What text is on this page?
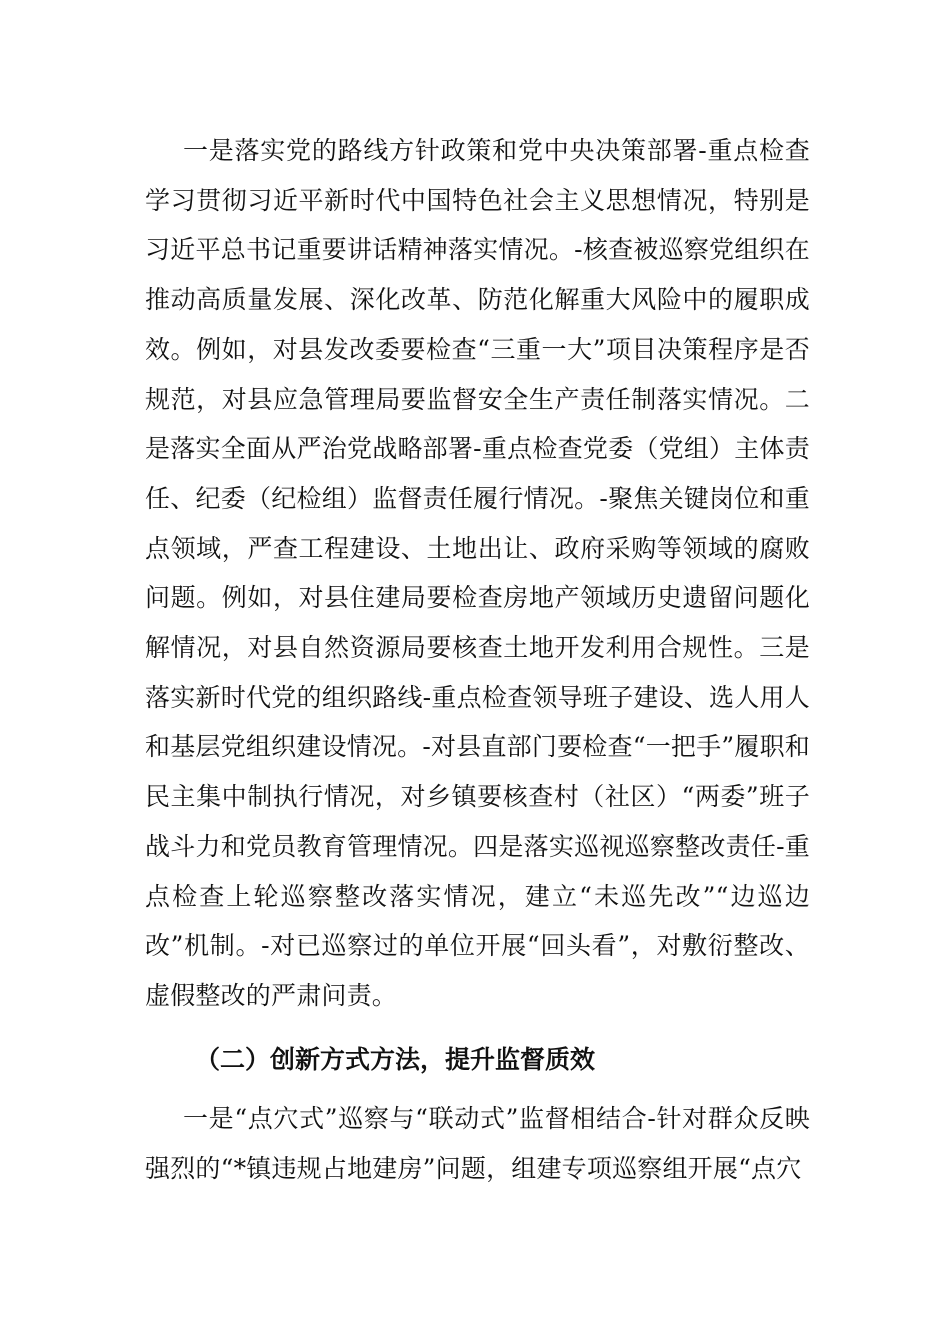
一是落实党的路线方针政策和党中央决策部署-重点检查学习贯彻习近平新时代中国特色社会主义思想情况，特别是习近平总书记重要讲话精神落实情况。-核查被巡察党组织在推动高质量发展、深化改革、防范化解重大风险中的履职成效。例如，对县发改委要检查“三重一大”项目决策程序是否规范，对县应急管理局要监督安全生产责任制落实情况。二是落实全面从严治党战略部署-重点检查党委（党组）主体责任、纪委（纪检组）监督责任履行情况。-聚焦关键岗位和重点领域，严查工程建设、土地出让、政府采购等领域的腐败问题。例如，对县住建局要检查房地产领域历史遗留问题化解情况，对县自然资源局要核查土地开发利用合规性。三是落实新时代党的组织路线-重点检查领导班子建设、选人用人和基层党组织建设情况。-对县直部门要检查“一把手”履职和民主集中制执行情况，对乡镇要核查村（社区）“两委”班子战斗力和党员教育管理情况。四是落实巡视巡察整改责任-重点检查上轮巡察整改落实情况，建立“未巡先改”“边巡边改”机制。-对已巡察过的单位开展“回头看”，对敷衍整改、虚假整改的严肃问责。

（二）创新方式方法，提升监督质效

一是“点穴式”巡察与“联动式”监督相结合-针对群众反映强烈的“*镇违规占地建房”问题，组建专项巡察组开展“点穴
